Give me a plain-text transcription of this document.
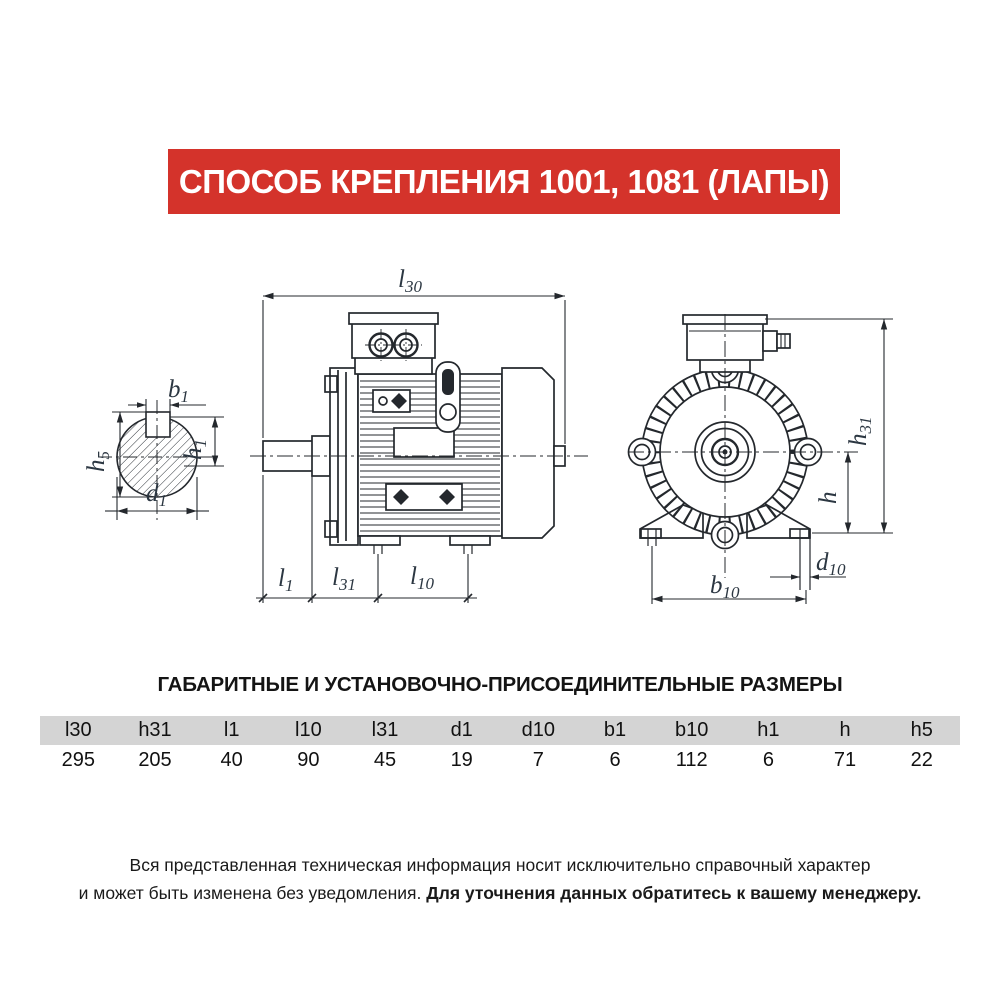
СПОСОБ КРЕПЛЕНИЯ 1001, 1081 (ЛАПЫ)
$l_{30}$
$b_1$
$h_5$	$h_1$
$d_1$
$l_1$ $l_{31}$ $l_{10}$
$h_{31}$
h
$d_{10}$
$b_{10}$
ГАБАРИТНЫЕ И УСТАНОВОЧНО-ПРИСОЕДИНИТЕЛЬНЫЕ РАЗМЕРЫ
l30	h31	l1	l10	l31	d1	d10	b1	b10	h1	h	h5
295	205	40	90	45	19	7	6	112	6	71	22
Вся представленная техническая информация носит исключительно справочный характер
и может быть изменена без уведомления. Для уточнения данных обратитесь к вашему менеджеру.
